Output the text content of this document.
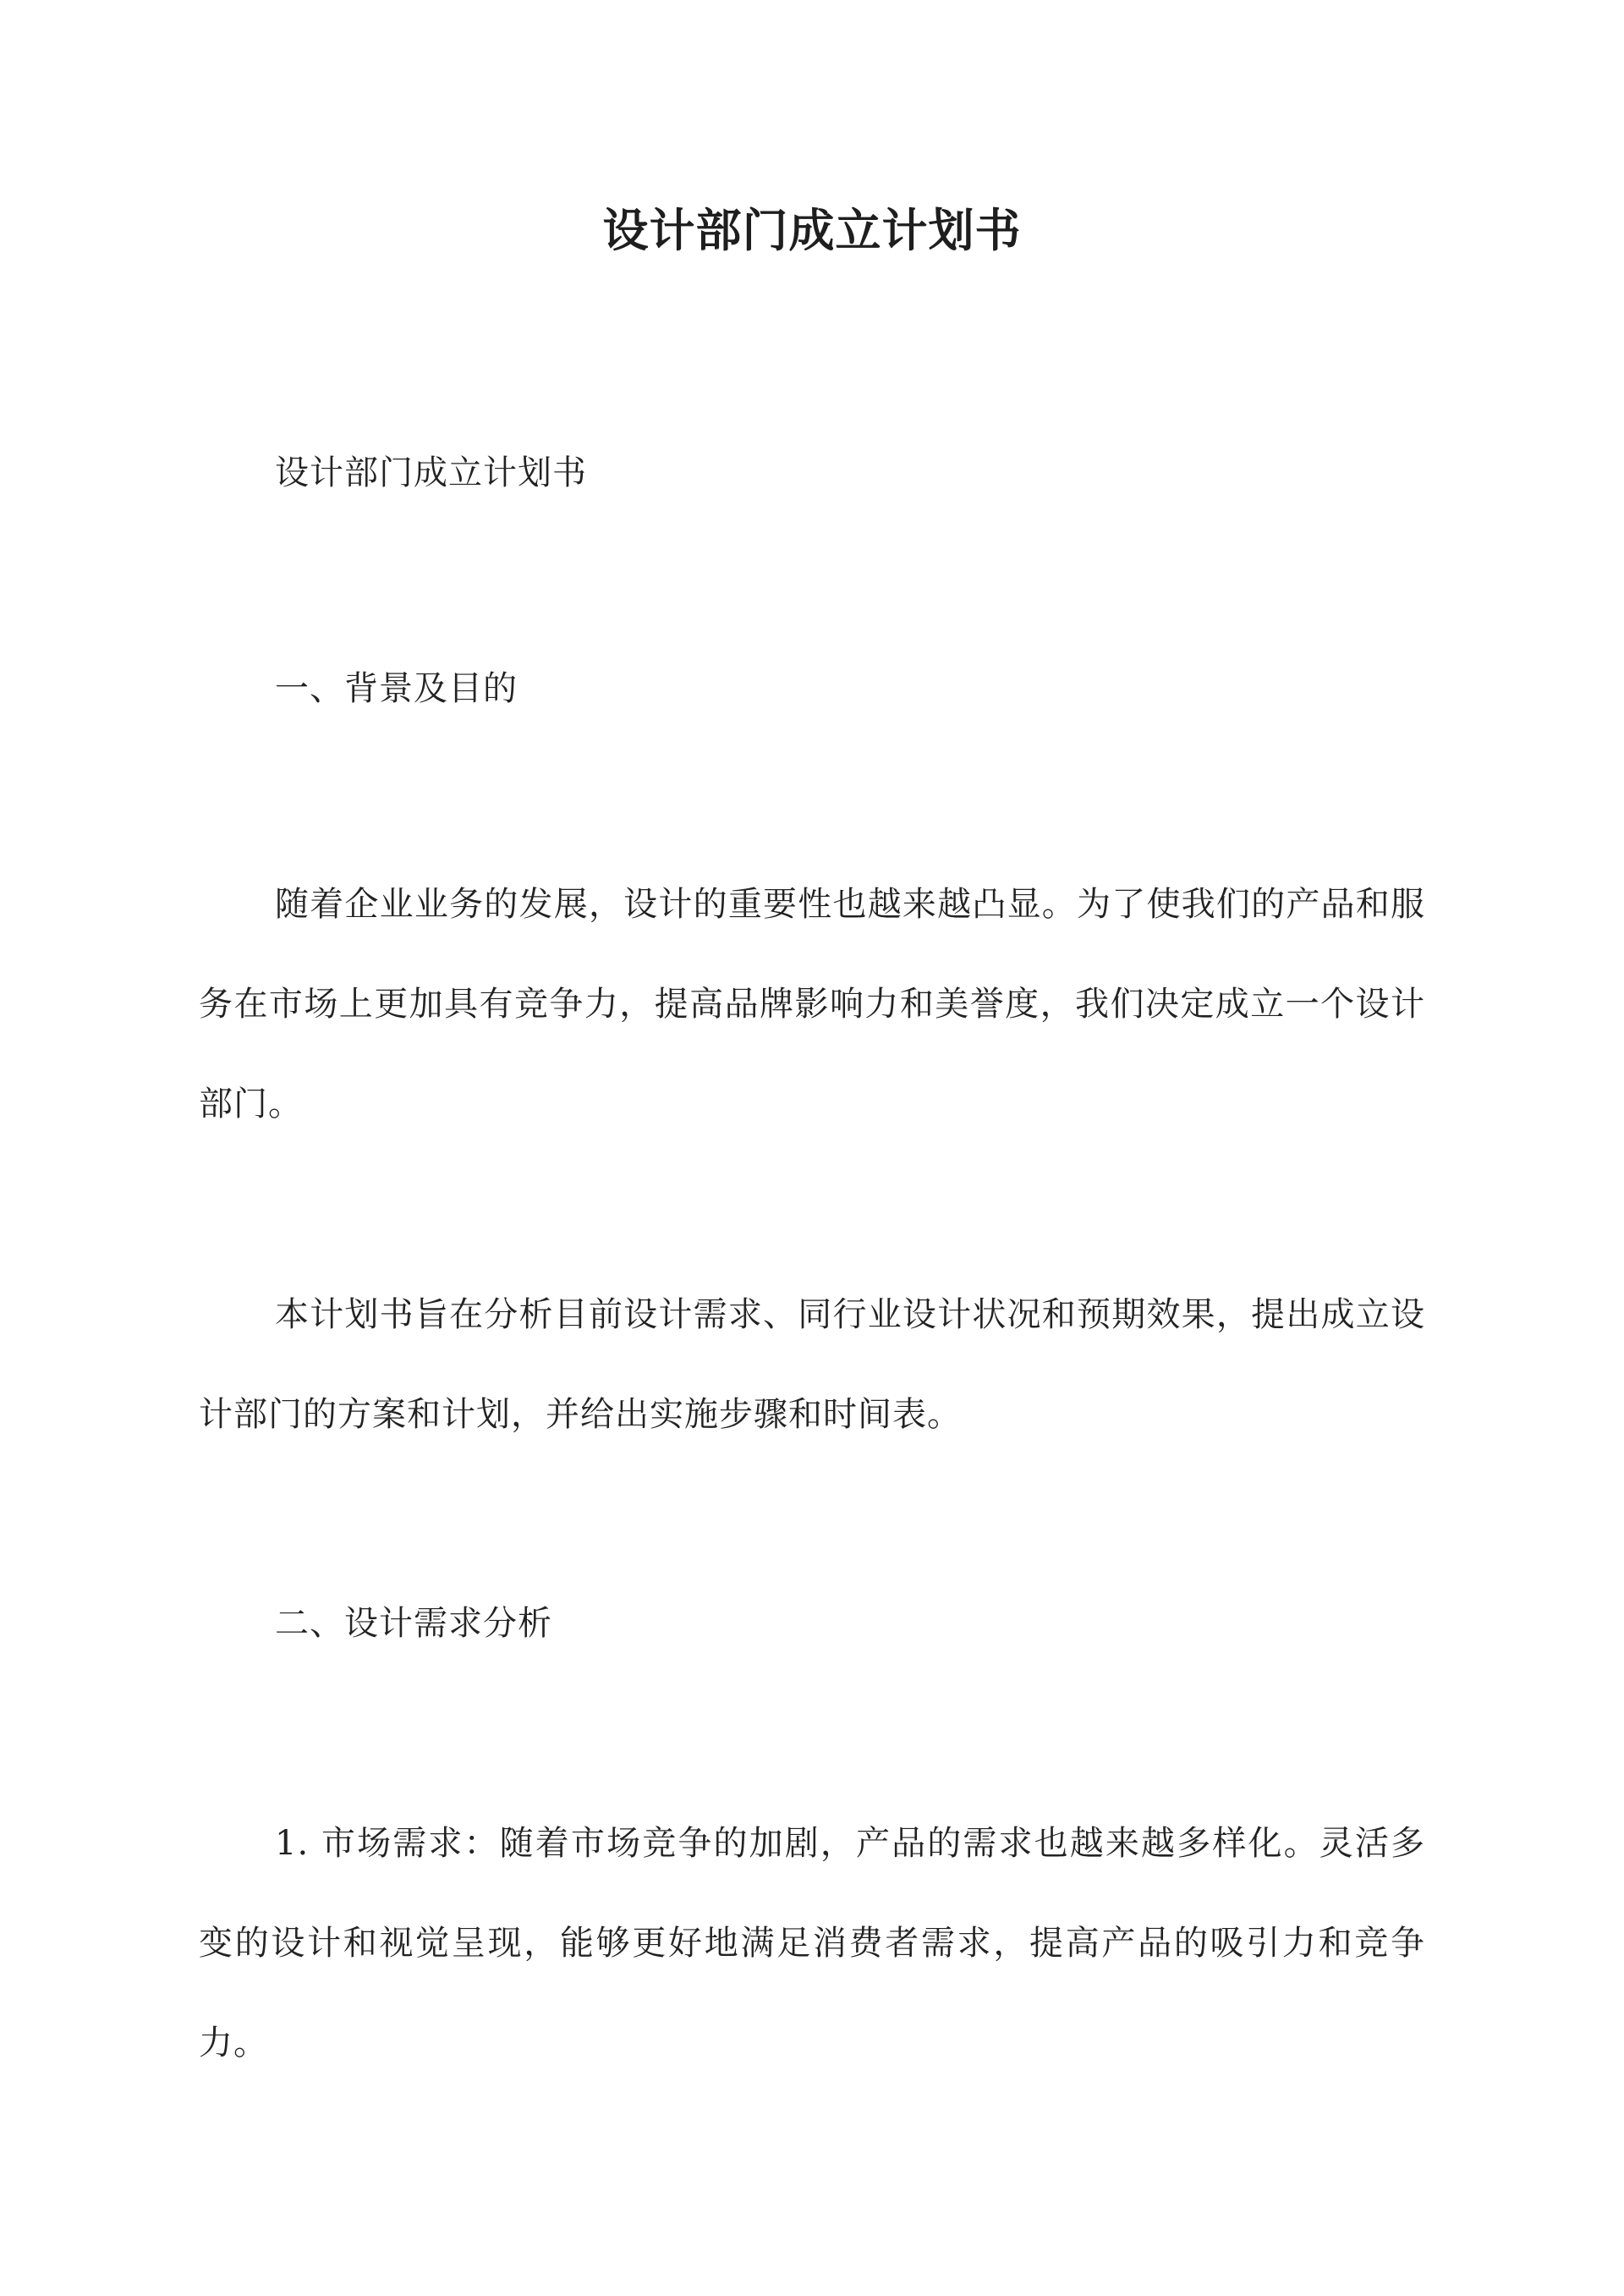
设计部门成立计划书
设计部门成立计划书
一、背景及目的
随着企业业务的发展，设计的重要性也越来越凸显。为了使我们的产品和服务在市场上更加具有竞争力，提高品牌影响力和美誉度，我们决定成立一个设计部门。
本计划书旨在分析目前设计需求、同行业设计状况和预期效果，提出成立设计部门的方案和计划，并给出实施步骤和时间表。
二、设计需求分析
1. 市场需求：随着市场竞争的加剧，产品的需求也越来越多样化。灵活多变的设计和视觉呈现，能够更好地满足消费者需求，提高产品的吸引力和竞争力。
